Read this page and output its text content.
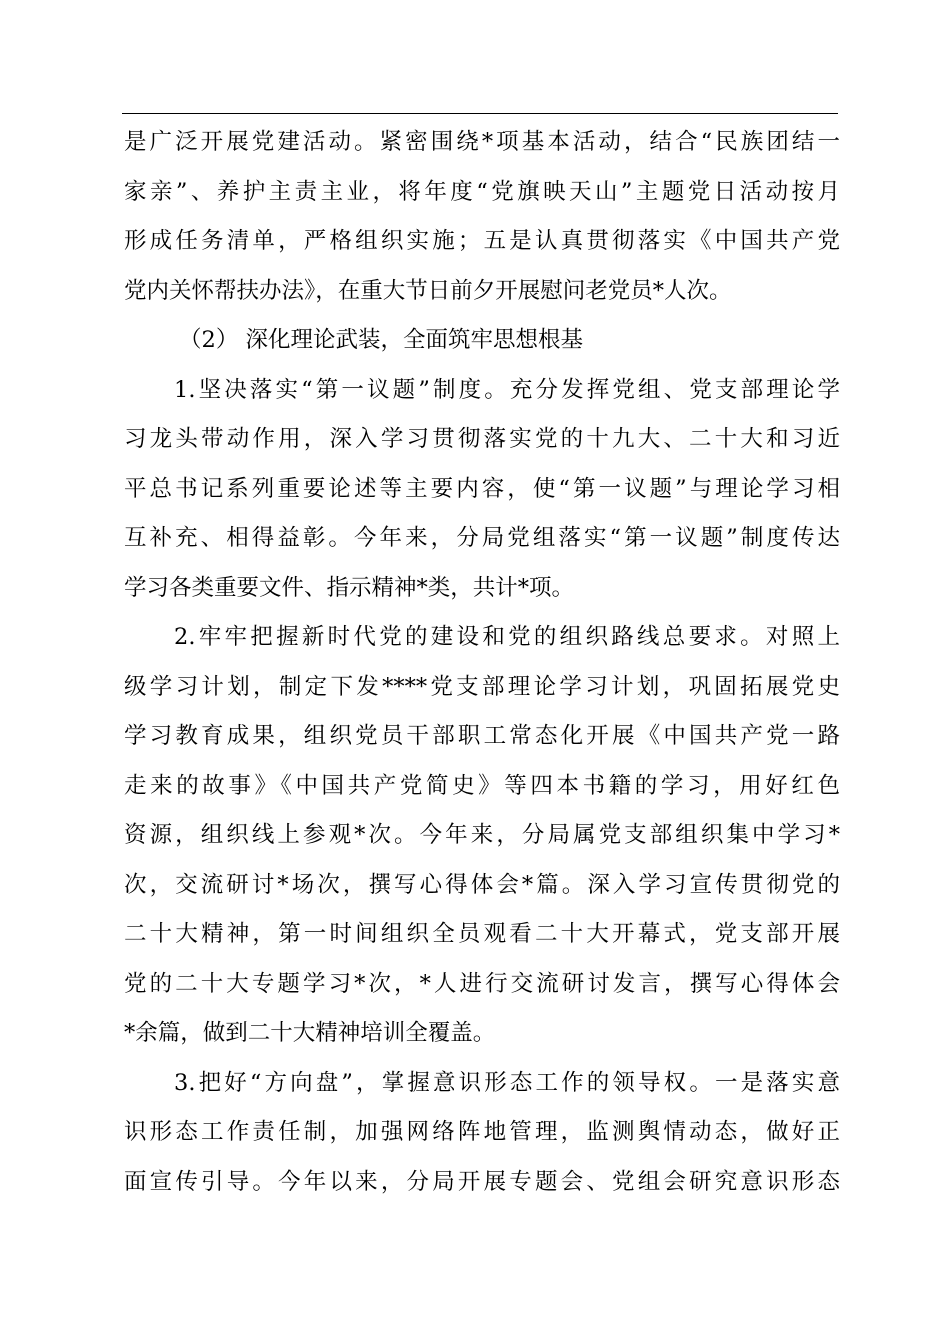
是广泛开展党建活动。紧密围绕*项基本活动，结合“民族团结一
家亲”、养护主责主业，将年度“党旗映天山”主题党日活动按月
形成任务清单，严格组织实施；五是认真贯彻落实《中国共产党
党内关怀帮扶办法》，在重大节日前夕开展慰问老党员*人次。
（2） 深化理论武装，全面筑牢思想根基
1.坚决落实“第一议题”制度。充分发挥党组、党支部理论学
习龙头带动作用，深入学习贯彻落实党的十九大、二十大和习近
平总书记系列重要论述等主要内容，使“第一议题”与理论学习相
互补充、相得益彰。今年来，分局党组落实“第一议题”制度传达
学习各类重要文件、指示精神*类，共计*项。
2.牢牢把握新时代党的建设和党的组织路线总要求。对照上
级学习计划，制定下发****党支部理论学习计划，巩固拓展党史
学习教育成果，组织党员干部职工常态化开展《中国共产党一路
走来的故事》《中国共产党简史》等四本书籍的学习，用好红色
资源，组织线上参观*次。今年来，分局属党支部组织集中学习*
次，交流研讨*场次，撰写心得体会*篇。深入学习宣传贯彻党的
二十大精神，第一时间组织全员观看二十大开幕式，党支部开展
党的二十大专题学习*次，*人进行交流研讨发言，撰写心得体会
*余篇，做到二十大精神培训全覆盖。
3.把好“方向盘”，掌握意识形态工作的领导权。一是落实意
识形态工作责任制，加强网络阵地管理，监测舆情动态，做好正
面宣传引导。今年以来，分局开展专题会、党组会研究意识形态
